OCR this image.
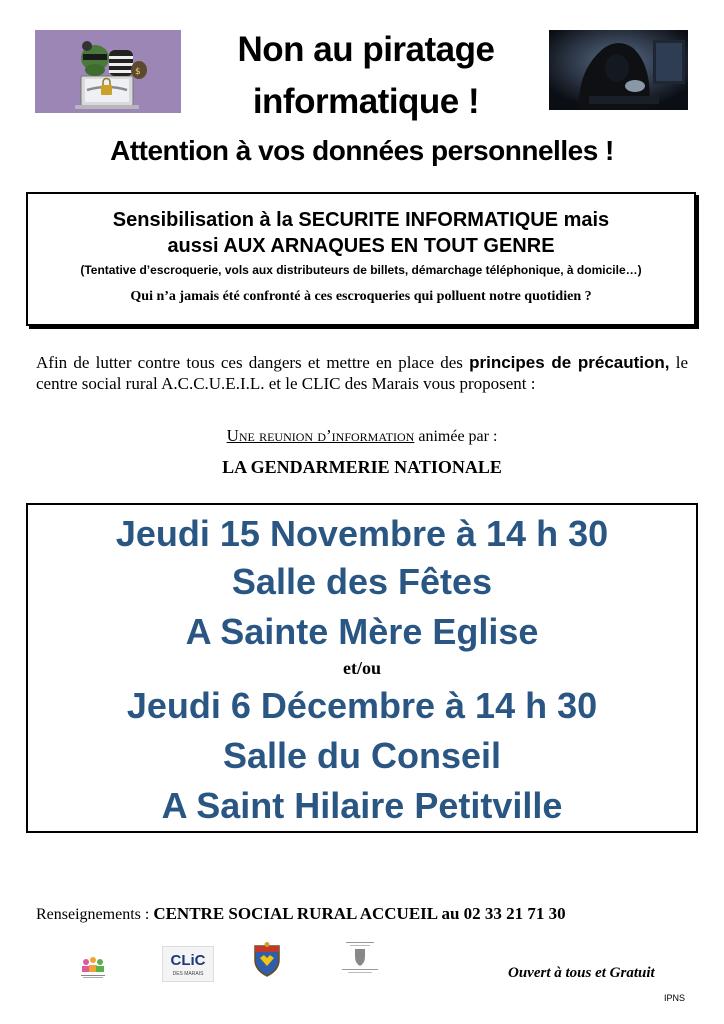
$
Non au piratage
informatique !
Attention à vos données personnelles !
Sensibilisation à la SECURITE INFORMATIQUE mais
aussi AUX ARNAQUES EN TOUT GENRE
(Tentative d’escroquerie, vols aux distributeurs de billets, démarchage téléphonique, à domicile…)
Qui n’a jamais été confronté à ces escroqueries qui polluent notre quotidien ?
Afin de lutter contre tous ces dangers et mettre en place des principes de précaution, le centre social rural A.C.C.U.E.I.L. et le CLIC des Marais vous proposent :
Une reunion d’information animée par :
LA GENDARMERIE NATIONALE
Jeudi 15 Novembre à 14 h 30
Salle des Fêtes
A Sainte Mère Eglise
et/ou
Jeudi 6 Décembre à 14 h 30
Salle du Conseil
A Saint Hilaire Petitville
Renseignements : CENTRE SOCIAL RURAL ACCUEIL au 02 33 21 71 30
CLiC
DES MARAIS	Ouvert à tous et Gratuit
IPNS
